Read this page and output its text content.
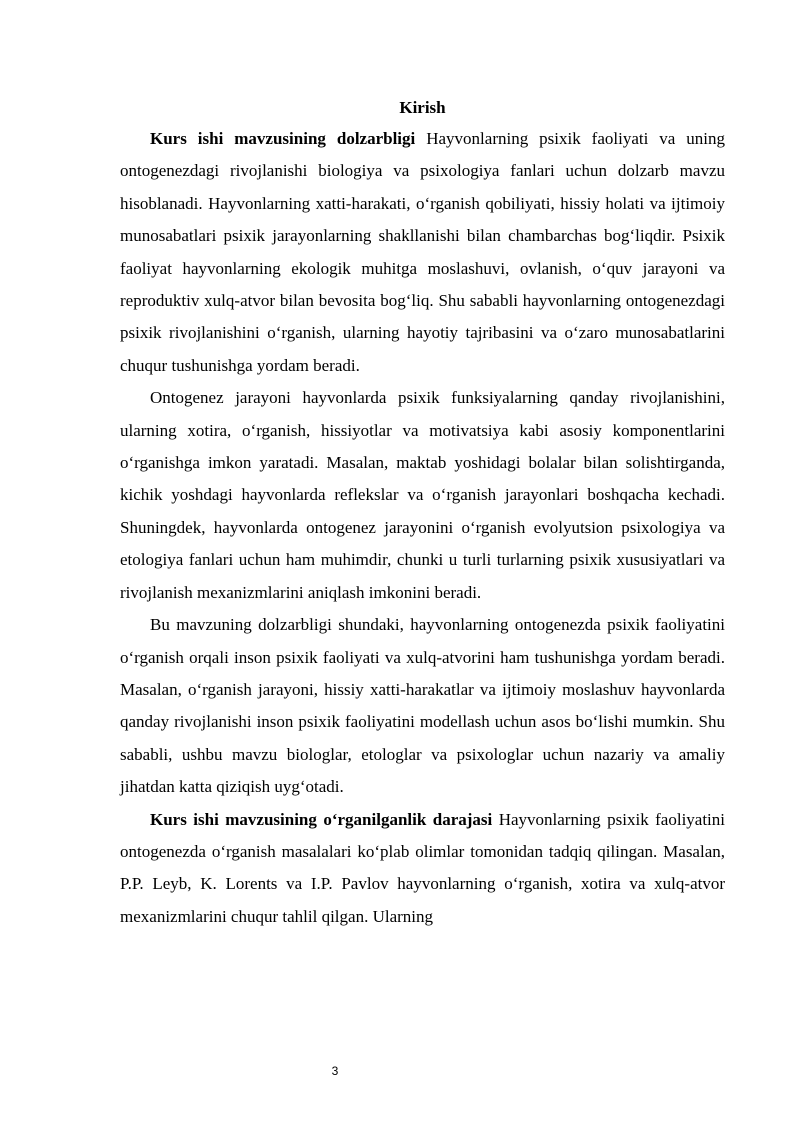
Kirish

Kurs ishi mavzusining dolzarbligi Hayvonlarning psixik faoliyati va uning ontogenezdagi rivojlanishi biologiya va psixologiya fanlari uchun dolzarb mavzu hisoblanadi. Hayvonlarning xatti-harakati, oʻrganish qobiliyati, hissiy holati va ijtimoiy munosabatlari psixik jarayonlarning shakllanishi bilan chambarchas bogʻliqdir. Psixik faoliyat hayvonlarning ekologik muhitga moslashuvi, ovlanish, oʻquv jarayoni va reproduktiv xulq-atvor bilan bevosita bogʻliq. Shu sababli hayvonlarning ontogenezdagi psixik rivojlanishini oʻrganish, ularning hayotiy tajribasini va oʻzaro munosabatlarini chuqur tushunishga yordam beradi.

Ontogenez jarayoni hayvonlarda psixik funksiyalarning qanday rivojlanishini, ularning xotira, oʻrganish, hissiyotlar va motivatsiya kabi asosiy komponentlarini oʻrganishga imkon yaratadi. Masalan, maktab yoshidagi bolalar bilan solishtirganda, kichik yoshdagi hayvonlarda reflekslar va oʻrganish jarayonlari boshqacha kechadi. Shuningdek, hayvonlarda ontogenez jarayonini oʻrganish evolyutsion psixologiya va etologiya fanlari uchun ham muhimdir, chunki u turli turlarning psixik xususiyatlari va rivojlanish mexanizmlarini aniqlash imkonini beradi.

Bu mavzuning dolzarbligi shundaki, hayvonlarning ontogenezda psixik faoliyatini oʻrganish orqali inson psixik faoliyati va xulq-atvorini ham tushunishga yordam beradi. Masalan, oʻrganish jarayoni, hissiy xatti-harakatlar va ijtimoiy moslashuv hayvonlarda qanday rivojlanishi inson psixik faoliyatini modellash uchun asos boʻlishi mumkin. Shu sababli, ushbu mavzu biologlar, etologlar va psixologlar uchun nazariy va amaliy jihatdan katta qiziqish uygʻotadi.

Kurs ishi mavzusining oʻrganilganlik darajasi Hayvonlarning psixik faoliyatini ontogenezda oʻrganish masalalari koʻplab olimlar tomonidan tadqiq qilingan. Masalan, P.P. Leyb, K. Lorents va I.P. Pavlov hayvonlarning oʻrganish, xotira va xulq-atvor mexanizmlarini chuqur tahlil qilgan. Ularning

3
